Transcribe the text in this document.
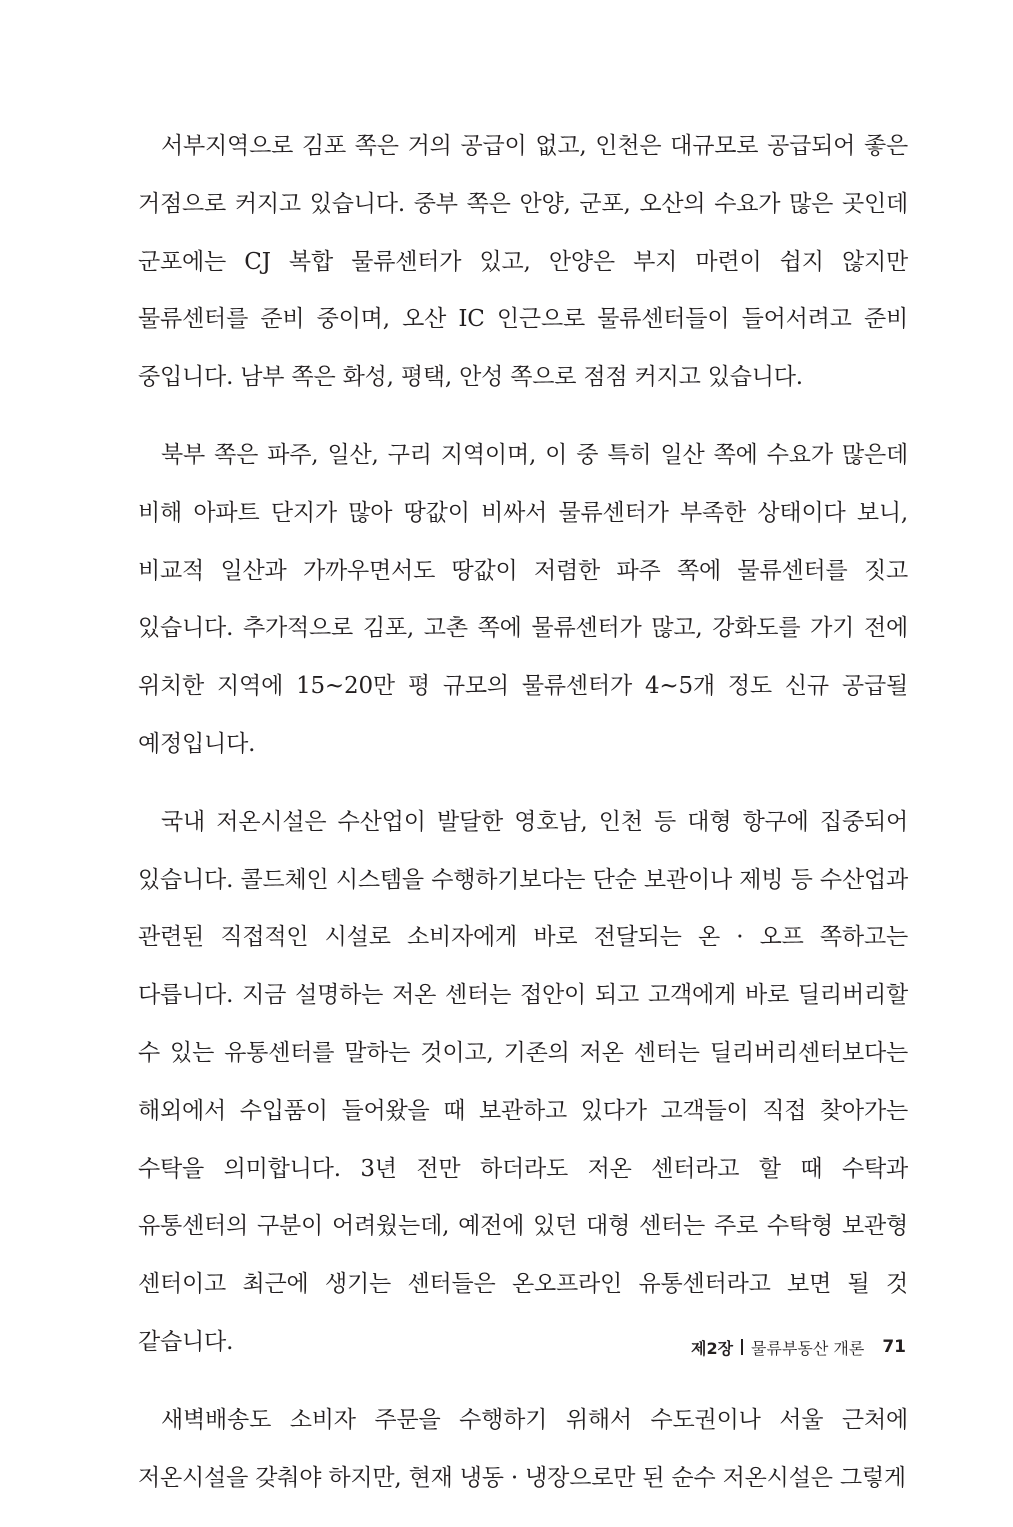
서부지역으로 김포 쪽은 거의 공급이 없고, 인천은 대규모로 공급되어 좋은 거점으로 커지고 있습니다. 중부 쪽은 안양, 군포, 오산의 수요가 많은 곳인데 군포에는 CJ 복합 물류센터가 있고, 안양은 부지 마련이 쉽지 않지만 물류센터를 준비 중이며, 오산 IC 인근으로 물류센터들이 들어서려고 준비 중입니다. 남부 쪽은 화성, 평택, 안성 쪽으로 점점 커지고 있습니다.

북부 쪽은 파주, 일산, 구리 지역이며, 이 중 특히 일산 쪽에 수요가 많은데 비해 아파트 단지가 많아 땅값이 비싸서 물류센터가 부족한 상태이다 보니, 비교적 일산과 가까우면서도 땅값이 저렴한 파주 쪽에 물류센터를 짓고 있습니다. 추가적으로 김포, 고촌 쪽에 물류센터가 많고, 강화도를 가기 전에 위치한 지역에 15~20만 평 규모의 물류센터가 4~5개 정도 신규 공급될 예정입니다.

국내 저온시설은 수산업이 발달한 영호남, 인천 등 대형 항구에 집중되어 있습니다. 콜드체인 시스템을 수행하기보다는 단순 보관이나 제빙 등 수산업과 관련된 직접적인 시설로 소비자에게 바로 전달되는 온 · 오프 쪽하고는 다릅니다. 지금 설명하는 저온 센터는 접안이 되고 고객에게 바로 딜리버리할 수 있는 유통센터를 말하는 것이고, 기존의 저온 센터는 딜리버리센터보다는 해외에서 수입품이 들어왔을 때 보관하고 있다가 고객들이 직접 찾아가는 수탁을 의미합니다. 3년 전만 하더라도 저온 센터라고 할 때 수탁과 유통센터의 구분이 어려웠는데, 예전에 있던 대형 센터는 주로 수탁형 보관형 센터이고 최근에 생기는 센터들은 온오프라인 유통센터라고 보면 될 것 같습니다.

새벽배송도 소비자 주문을 수행하기 위해서 수도권이나 서울 근처에 저온시설을 갖춰야 하지만, 현재 냉동 · 냉장으로만 된 순수 저온시설은 그렇게

제2장 물류부동산 개론 71
